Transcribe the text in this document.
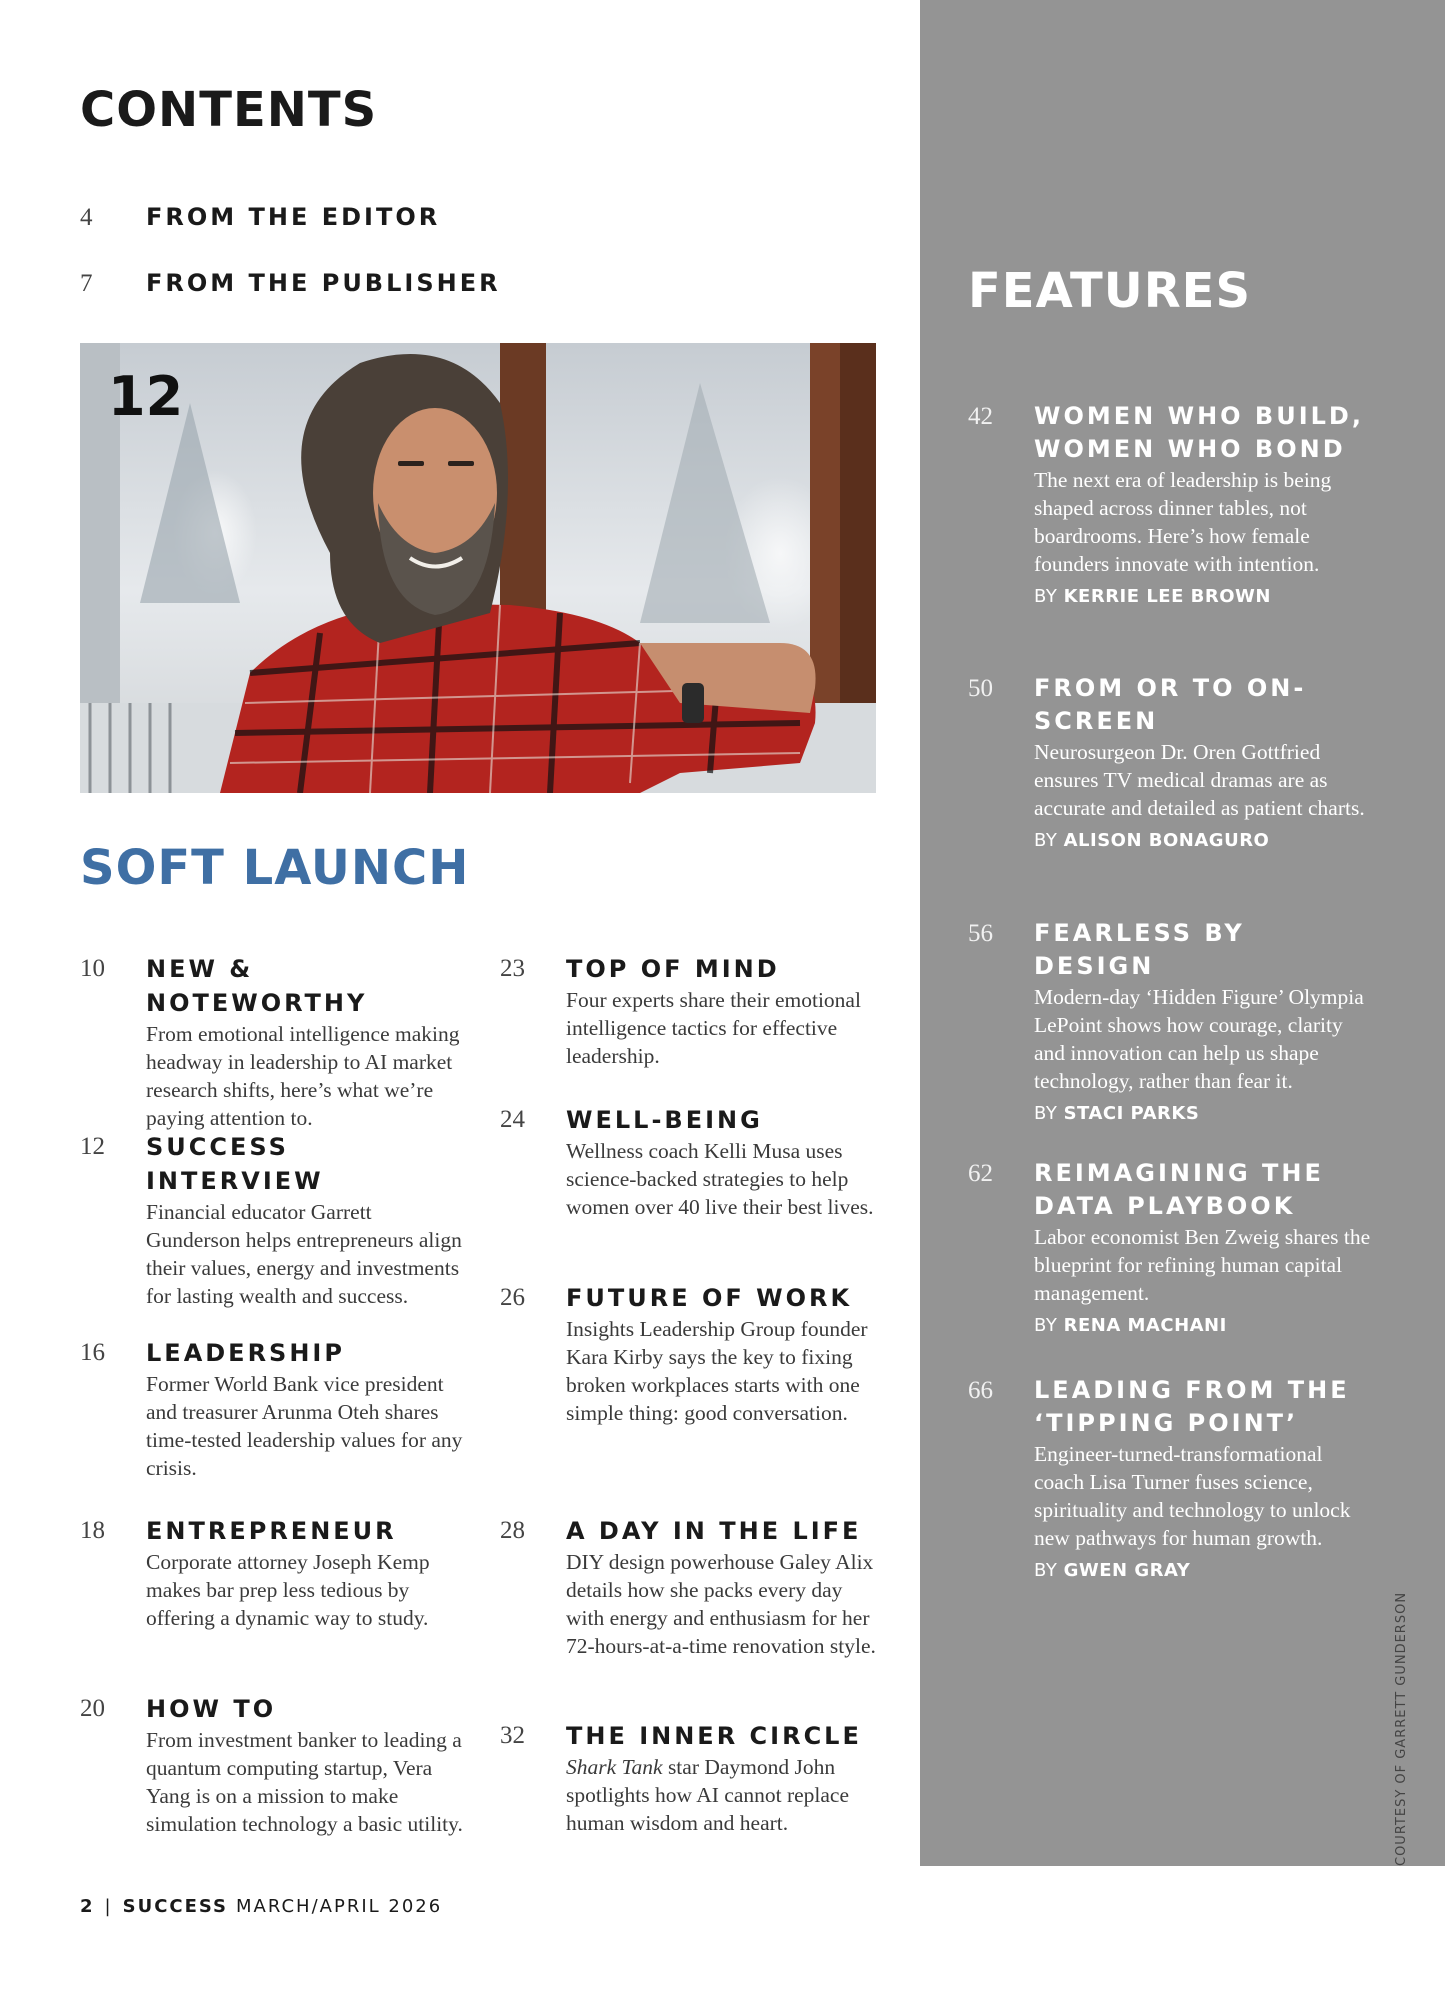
CONTENTS
4	FROM THE EDITOR
7	FROM THE PUBLISHER
12
SOFT LAUNCH
10	NEW & NOTEWORTHY
From emotional intelligence making headway in leadership to AI market research shifts, here’s what we’re paying attention to.
12	SUCCESS INTERVIEW
Financial educator Garrett Gunderson helps entrepreneurs align their values, energy and investments for lasting wealth and success.
16	LEADERSHIP
Former World Bank vice president and treasurer Arunma Oteh shares time-tested leadership values for any crisis.
18	ENTREPRENEUR
Corporate attorney Joseph Kemp makes bar prep less tedious by offering a dynamic way to study.
20	HOW TO
From investment banker to leading a quantum computing startup, Vera Yang is on a mission to make simulation technology a basic utility.
23	TOP OF MIND
Four experts share their emotional intelligence tactics for effective leadership.
24	WELL-BEING
Wellness coach Kelli Musa uses science-backed strategies to help women over 40 live their best lives.
26	FUTURE OF WORK
Insights Leadership Group founder Kara Kirby says the key to fixing broken workplaces starts with one simple thing: good conversation.
28	A DAY IN THE LIFE
DIY design powerhouse Galey Alix details how she packs every day with energy and enthusiasm for her 72-hours-at-a-time renovation style.
32	THE INNER CIRCLE
Shark Tank star Daymond John spotlights how AI cannot replace human wisdom and heart.
FEATURES
42	WOMEN WHO BUILD, WOMEN WHO BOND
The next era of leadership is being shaped across dinner tables, not boardrooms. Here’s how female founders innovate with intention.
BY KERRIE LEE BROWN
50	FROM OR TO ON-SCREEN
Neurosurgeon Dr. Oren Gottfried ensures TV medical dramas are as accurate and detailed as patient charts.
BY ALISON BONAGURO
56	FEARLESS BY DESIGN
Modern-day ‘Hidden Figure’ Olympia LePoint shows how courage, clarity and innovation can help us shape technology, rather than fear it.
BY STACI PARKS
62	REIMAGINING THE DATA PLAYBOOK
Labor economist Ben Zweig shares the blueprint for refining human capital management.
BY RENA MACHANI
66	LEADING FROM THE ‘TIPPING POINT’
Engineer-turned-transformational coach Lisa Turner fuses science, spirituality and technology to unlock new pathways for human growth.
BY GWEN GRAY
COURTESY OF GARRETT GUNDERSON
2 | SUCCESS MARCH/APRIL 2026
